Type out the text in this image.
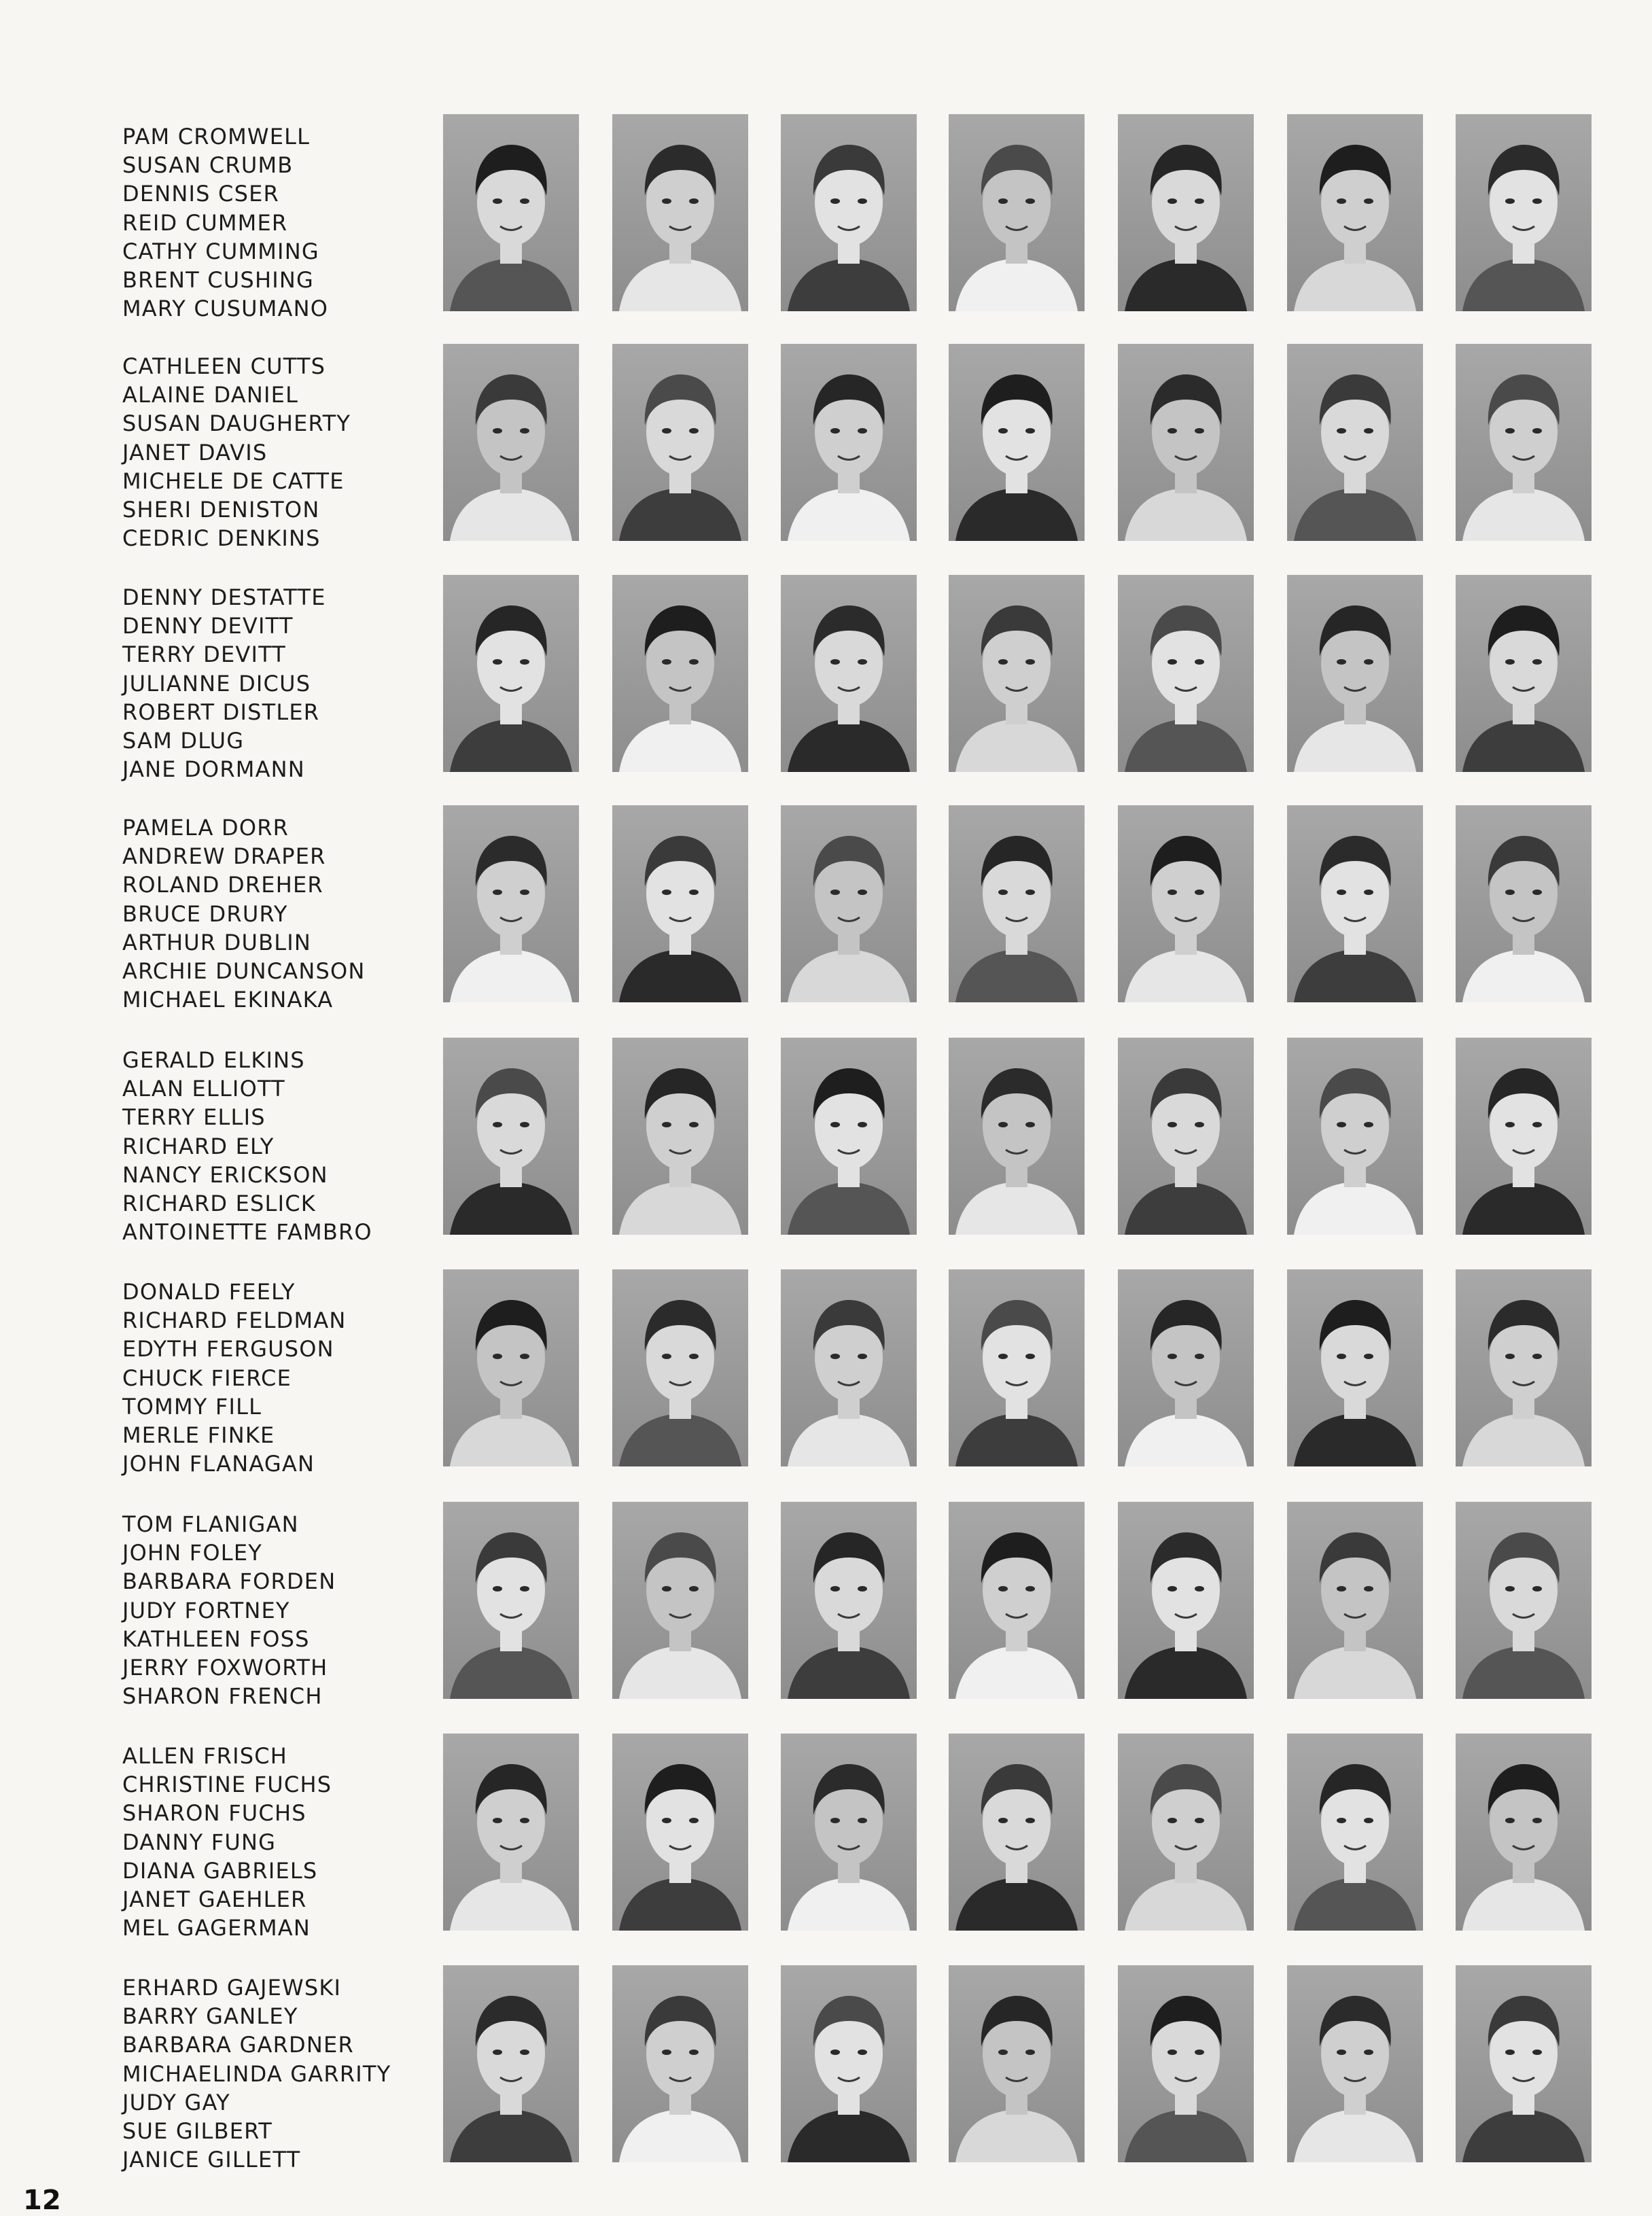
PAM CROMWELL
SUSAN CRUMB
DENNIS CSER
REID CUMMER
CATHY CUMMING
BRENT CUSHING
MARY CUSUMANO
CATHLEEN CUTTS
ALAINE DANIEL
SUSAN DAUGHERTY
JANET DAVIS
MICHELE DE CATTE
SHERI DENISTON
CEDRIC DENKINS
DENNY DESTATTE
DENNY DEVITT
TERRY DEVITT
JULIANNE DICUS
ROBERT DISTLER
SAM DLUG
JANE DORMANN
PAMELA DORR
ANDREW DRAPER
ROLAND DREHER
BRUCE DRURY
ARTHUR DUBLIN
ARCHIE DUNCANSON
MICHAEL EKINAKA
GERALD ELKINS
ALAN ELLIOTT
TERRY ELLIS
RICHARD ELY
NANCY ERICKSON
RICHARD ESLICK
ANTOINETTE FAMBRO
DONALD FEELY
RICHARD FELDMAN
EDYTH FERGUSON
CHUCK FIERCE
TOMMY FILL
MERLE FINKE
JOHN FLANAGAN
TOM FLANIGAN
JOHN FOLEY
BARBARA FORDEN
JUDY FORTNEY
KATHLEEN FOSS
JERRY FOXWORTH
SHARON FRENCH
ALLEN FRISCH
CHRISTINE FUCHS
SHARON FUCHS
DANNY FUNG
DIANA GABRIELS
JANET GAEHLER
MEL GAGERMAN
ERHARD GAJEWSKI
BARRY GANLEY
BARBARA GARDNER
MICHAELINDA GARRITY
JUDY GAY
SUE GILBERT
JANICE GILLETT
12
